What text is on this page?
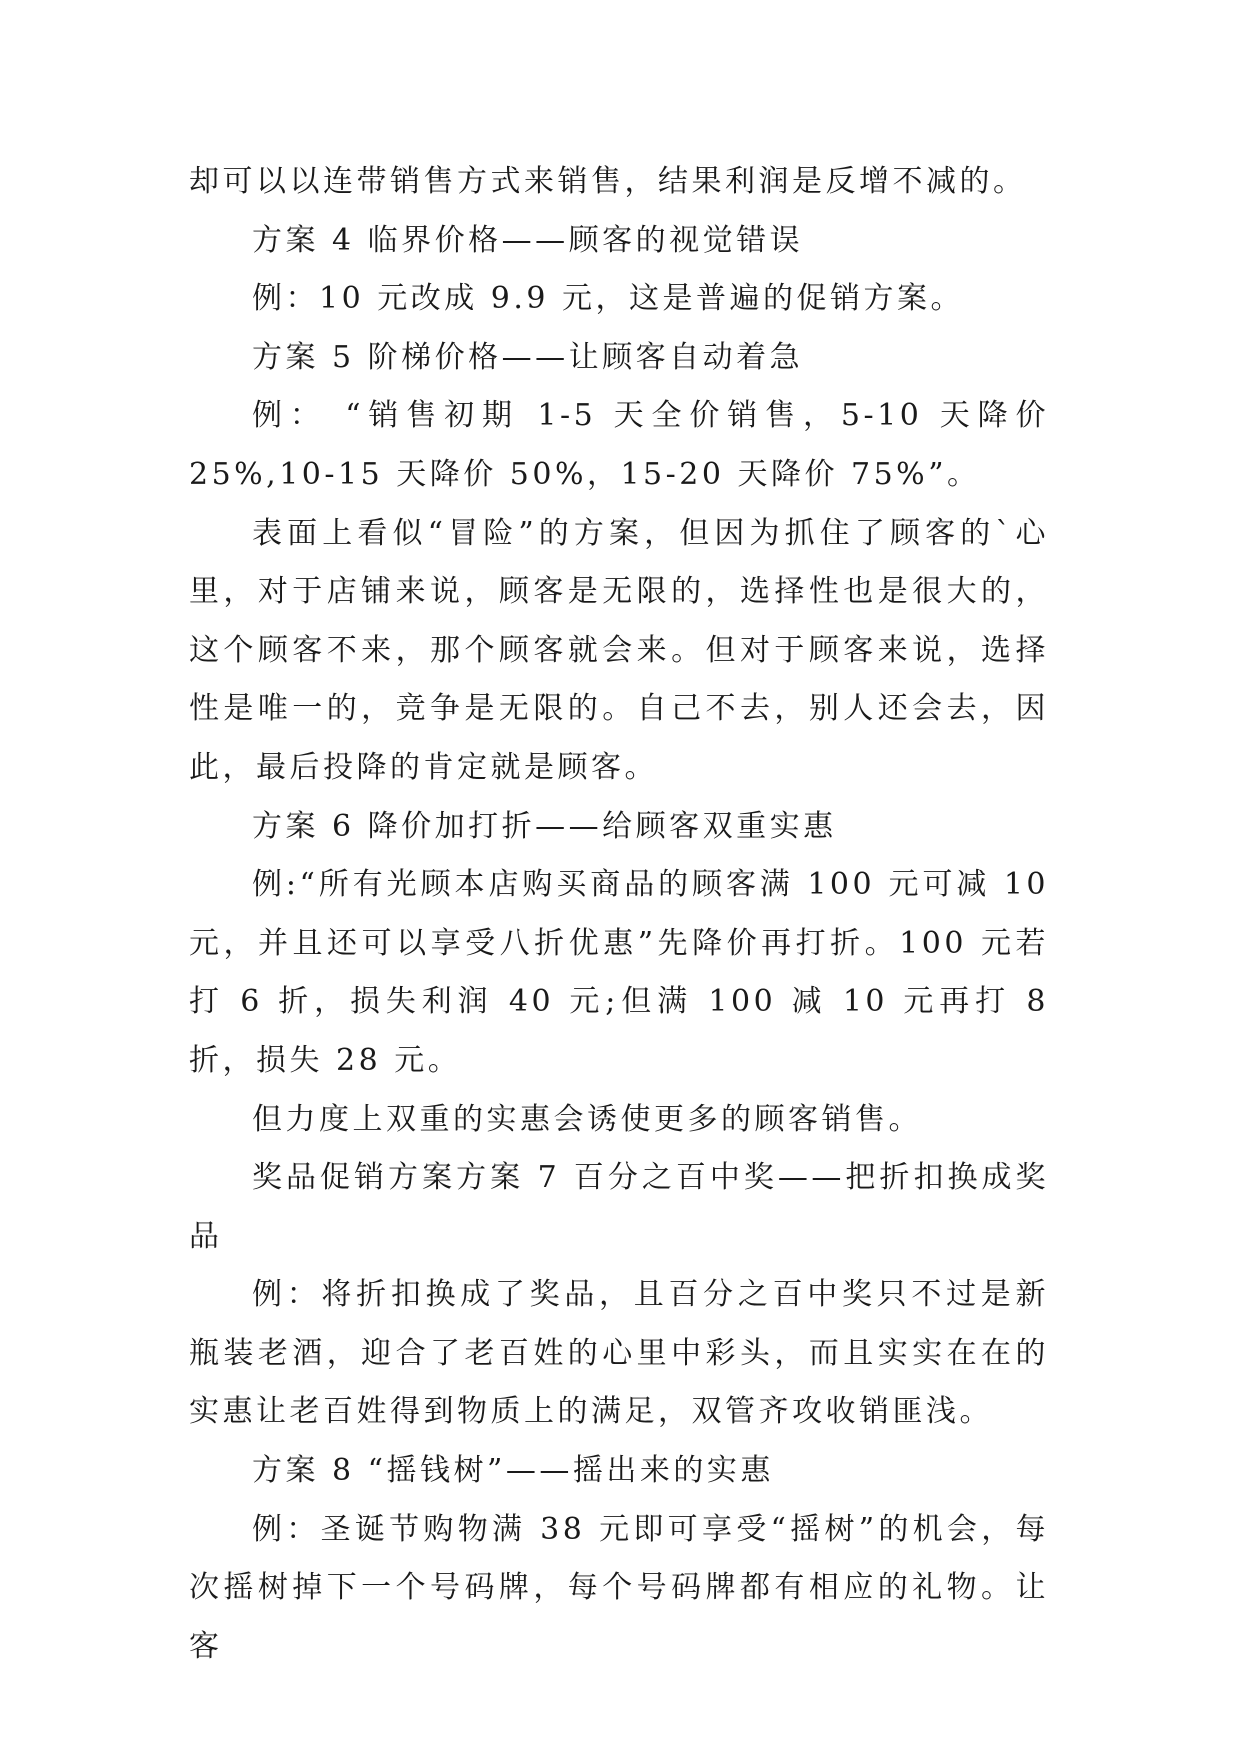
却可以以连带销售方式来销售，结果利润是反增不减的。

方案 4 临界价格——顾客的视觉错误

例：10 元改成 9.9 元，这是普遍的促销方案。

方案 5 阶梯价格——让顾客自动着急

例： “销售初期 1-5 天全价销售，5-10 天降价 25%,10-15 天降价 50%，15-20 天降价 75%”。

表面上看似“冒险”的方案，但因为抓住了顾客的`心里，对于店铺来说，顾客是无限的，选择性也是很大的，这个顾客不来，那个顾客就会来。但对于顾客来说，选择性是唯一的，竞争是无限的。自己不去，别人还会去，因此，最后投降的肯定就是顾客。

方案 6 降价加打折——给顾客双重实惠

例:“所有光顾本店购买商品的顾客满 100 元可减 10 元，并且还可以享受八折优惠”先降价再打折。100 元若打 6 折，损失利润 40 元;但满 100 减 10 元再打 8 折，损失 28 元。

但力度上双重的实惠会诱使更多的顾客销售。

奖品促销方案方案 7 百分之百中奖——把折扣换成奖品

例：将折扣换成了奖品，且百分之百中奖只不过是新瓶装老酒，迎合了老百姓的心里中彩头，而且实实在在的实惠让老百姓得到物质上的满足，双管齐攻收销匪浅。

方案 8 “摇钱树”——摇出来的实惠

例：圣诞节购物满 38 元即可享受“摇树”的机会，每次摇树掉下一个号码牌，每个号码牌都有相应的礼物。让客
